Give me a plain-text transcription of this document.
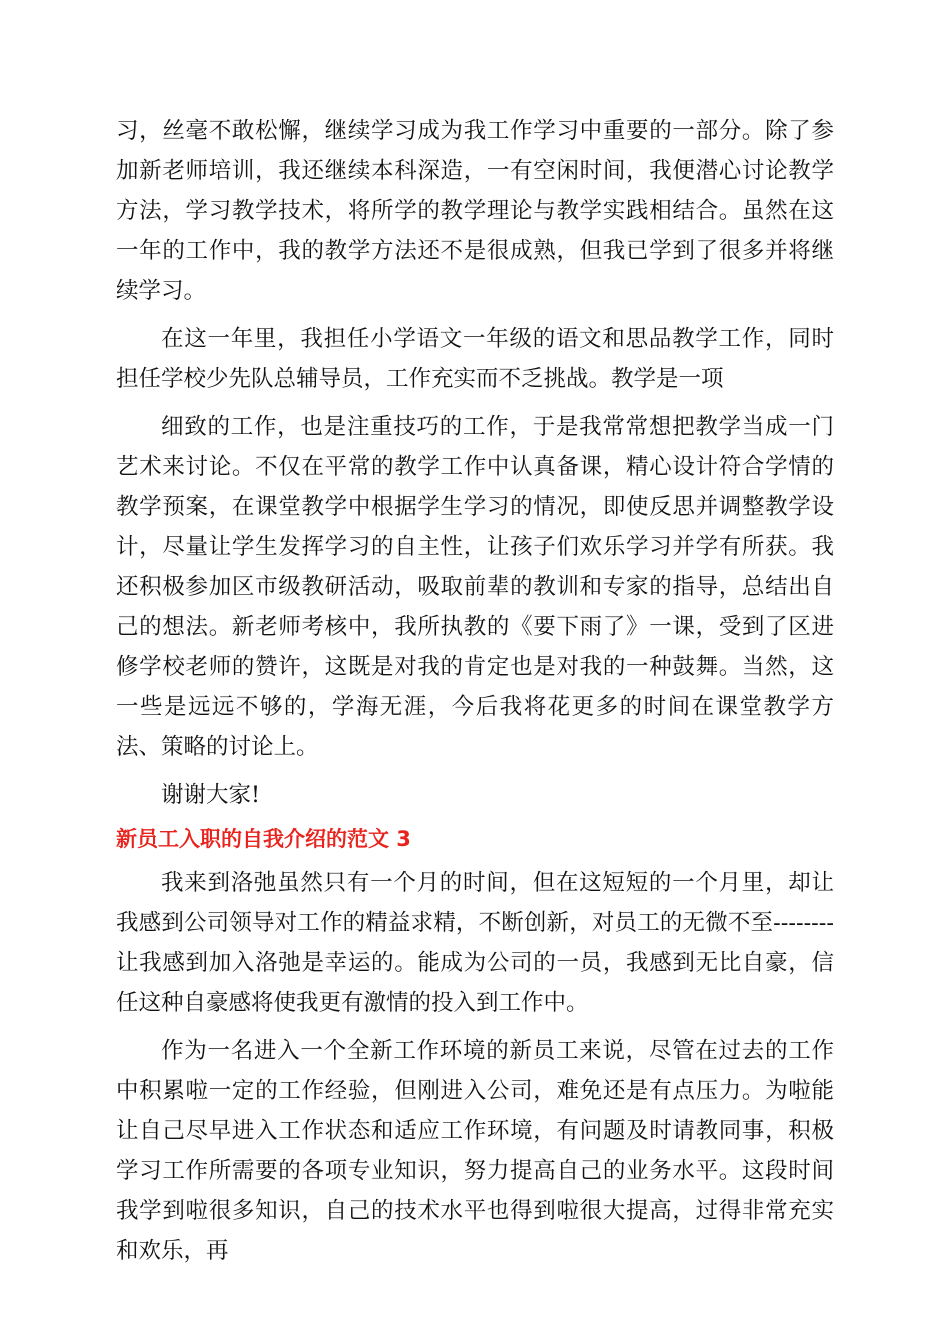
习，丝毫不敢松懈，继续学习成为我工作学习中重要的一部分。除了参加新老师培训，我还继续本科深造，一有空闲时间，我便潜心讨论教学方法，学习教学技术，将所学的教学理论与教学实践相结合。虽然在这一年的工作中，我的教学方法还不是很成熟，但我已学到了很多并将继续学习。

在这一年里，我担任小学语文一年级的语文和思品教学工作，同时担任学校少先队总辅导员，工作充实而不乏挑战。教学是一项

细致的工作，也是注重技巧的工作，于是我常常想把教学当成一门艺术来讨论。不仅在平常的教学工作中认真备课，精心设计符合学情的教学预案，在课堂教学中根据学生学习的情况，即使反思并调整教学设计，尽量让学生发挥学习的自主性，让孩子们欢乐学习并学有所获。我还积极参加区市级教研活动，吸取前辈的教训和专家的指导，总结出自己的想法。新老师考核中，我所执教的《要下雨了》一课，受到了区进修学校老师的赞许，这既是对我的肯定也是对我的一种鼓舞。当然，这一些是远远不够的，学海无涯，今后我将花更多的时间在课堂教学方法、策略的讨论上。

谢谢大家!

新员工入职的自我介绍的范文 3

我来到洛弛虽然只有一个月的时间，但在这短短的一个月里，却让我感到公司领导对工作的精益求精，不断创新，对员工的无微不至--------让我感到加入洛弛是幸运的。能成为公司的一员，我感到无比自豪，信任这种自豪感将使我更有激情的投入到工作中。

作为一名进入一个全新工作环境的新员工来说，尽管在过去的工作中积累啦一定的工作经验，但刚进入公司，难免还是有点压力。为啦能让自己尽早进入工作状态和适应工作环境，有问题及时请教同事，积极学习工作所需要的各项专业知识，努力提高自己的业务水平。这段时间我学到啦很多知识，自己的技术水平也得到啦很大提高，过得非常充实和欢乐，再
